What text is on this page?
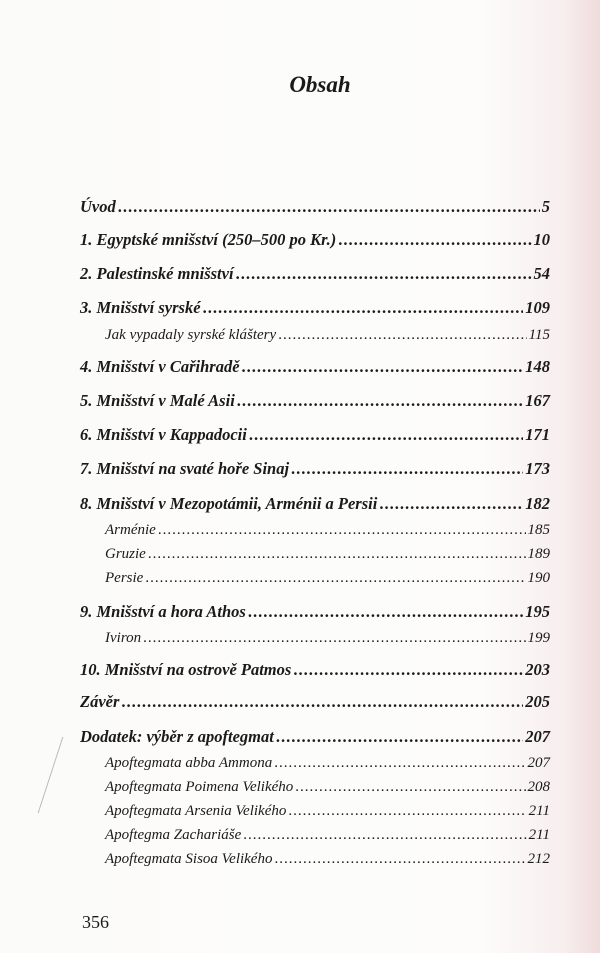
Obsah
Úvod .....	5
1. Egyptské mnišství (250–500 po Kr.) .....	10
2. Palestinské mnišství .....	54
3. Mnišství syrské .....	109
Jak vypadaly syrské kláštery .....	115
4. Mnišství v Cařihradě .....	148
5. Mnišství v Malé Asii .....	167
6. Mnišství v Kappadocii .....	171
7. Mnišství na svaté hoře Sinaj .....	173
8. Mnišství v Mezopotámii, Arménii a Persii .....	182
Arménie .....	185
Gruzie .....	189
Persie .....	190
9. Mnišství a hora Athos .....	195
Iviron .....	199
10. Mnišství na ostrově Patmos .....	203
Závěr .....	205
Dodatek: výběr z apoftegmat .....	207
Apoftegmata abba Ammona .....	207
Apoftegmata Poimena Velikého .....	208
Apoftegmata Arsenia Velikého .....	211
Apoftegma Zachariáše .....	211
Apoftegmata Sisoa Velikého .....	212
356
